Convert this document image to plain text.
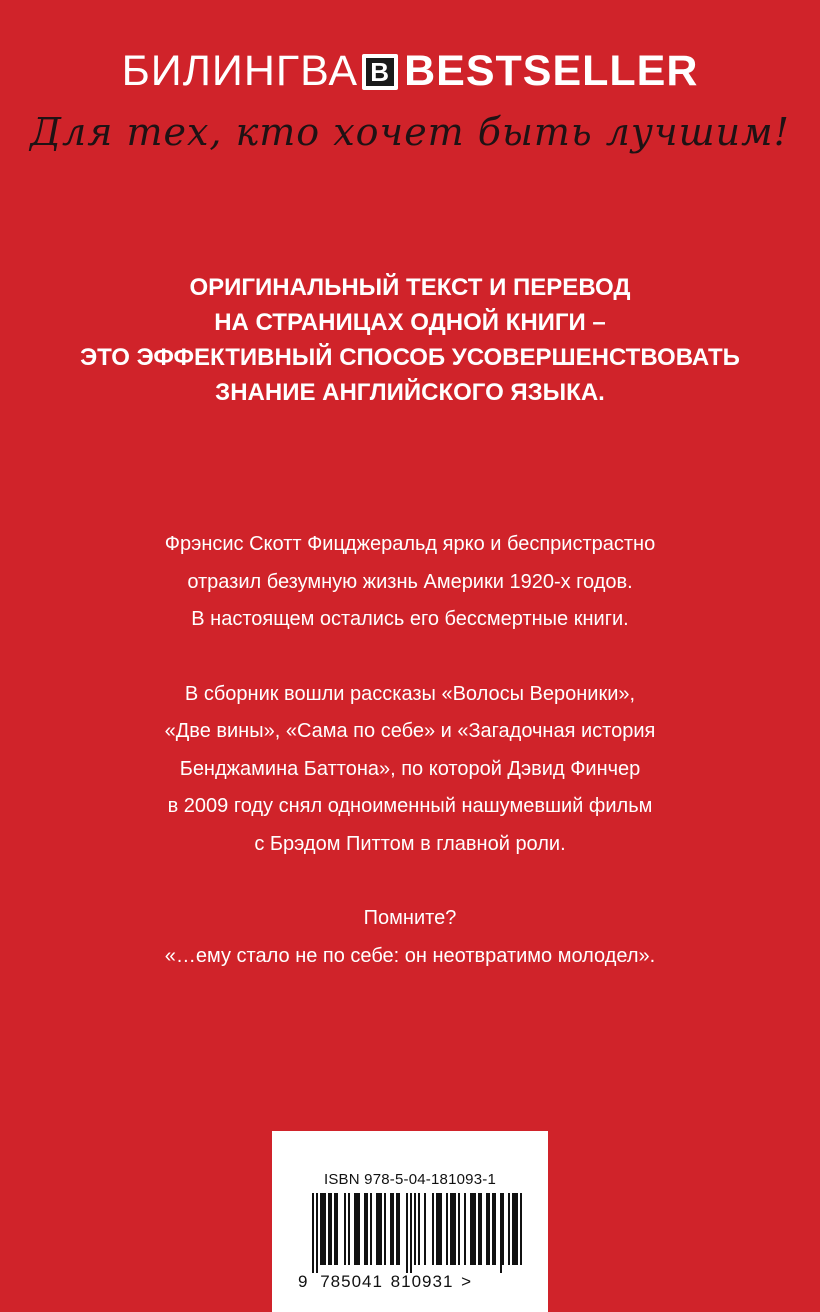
БИЛИНГВА B BESTSELLER
Для тех, кто хочет быть лучшим!
ОРИГИНАЛЬНЫЙ ТЕКСТ И ПЕРЕВОД
НА СТРАНИЦАХ ОДНОЙ КНИГИ –
ЭТО ЭФФЕКТИВНЫЙ СПОСОБ УСОВЕРШЕНСТВОВАТЬ
ЗНАНИЕ АНГЛИЙСКОГО ЯЗЫКА.

Фрэнсис Скотт Фицджеральд ярко и беспристрастно

отразил безумную жизнь Америки 1920-х годов.

В настоящем остались его бессмертные книги.

В сборник вошли рассказы «Волосы Вероники»,

«Две вины», «Сама по себе» и «Загадочная история

Бенджамина Баттона», по которой Дэвид Финчер

в 2009 году снял одноименный нашумевший фильм

с Брэдом Питтом в главной роли.

Помните?

«…ему стало не по себе: он неотвратимо молодел».

ISBN 978-5-04-181093-1
9 785041 810931 >
